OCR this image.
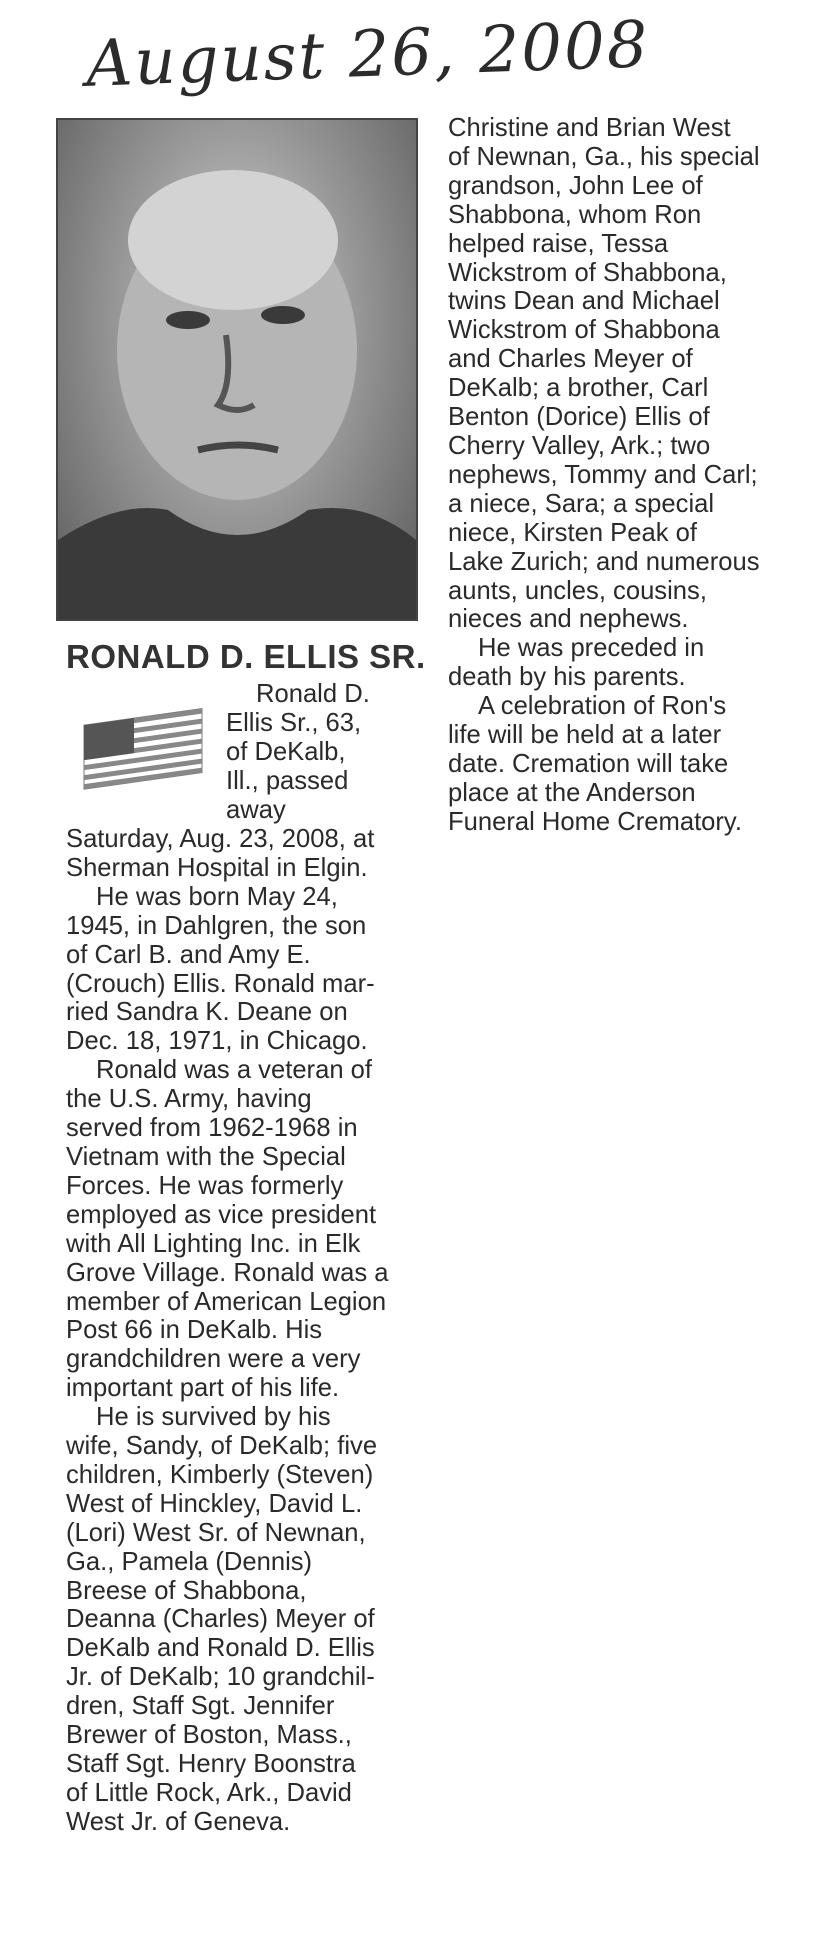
August 26, 2008
RONALD D. ELLIS SR.

Ronald D.

Ellis Sr., 63,

of DeKalb,

Ill., passed

away

Saturday, Aug. 23, 2008, at

Sherman Hospital in Elgin.

He was born May 24,

1945, in Dahlgren, the son

of Carl B. and Amy E.

(Crouch) Ellis. Ronald mar-

ried Sandra K. Deane on

Dec. 18, 1971, in Chicago.

Ronald was a veteran of

the U.S. Army, having

served from 1962-1968 in

Vietnam with the Special

Forces. He was formerly

employed as vice president

with All Lighting Inc. in Elk

Grove Village. Ronald was a

member of American Legion

Post 66 in DeKalb. His

grandchildren were a very

important part of his life.

He is survived by his

wife, Sandy, of DeKalb; five

children, Kimberly (Steven)

West of Hinckley, David L.

(Lori) West Sr. of Newnan,

Ga., Pamela (Dennis)

Breese of Shabbona,

Deanna (Charles) Meyer of

DeKalb and Ronald D. Ellis

Jr. of DeKalb; 10 grandchil-

dren, Staff Sgt. Jennifer

Brewer of Boston, Mass.,

Staff Sgt. Henry Boonstra

of Little Rock, Ark., David

West Jr. of Geneva.

Christine and Brian West

of Newnan, Ga., his special

grandson, John Lee of

Shabbona, whom Ron

helped raise, Tessa

Wickstrom of Shabbona,

twins Dean and Michael

Wickstrom of Shabbona

and Charles Meyer of

DeKalb; a brother, Carl

Benton (Dorice) Ellis of

Cherry Valley, Ark.; two

nephews, Tommy and Carl;

a niece, Sara; a special

niece, Kirsten Peak of

Lake Zurich; and numerous

aunts, uncles, cousins,

nieces and nephews.

He was preceded in

death by his parents.

A celebration of Ron's

life will be held at a later

date. Cremation will take

place at the Anderson

Funeral Home Crematory.
